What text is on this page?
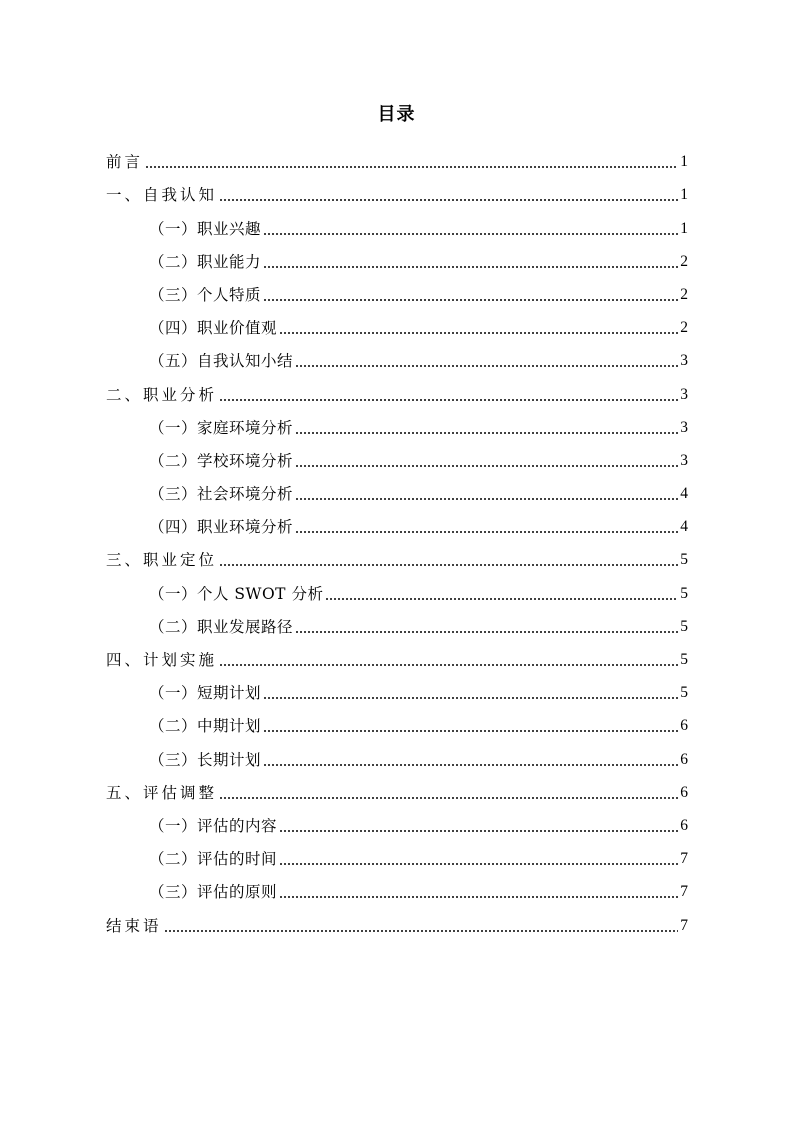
目录
前言	1
一、自我认知	1
（一）职业兴趣	1
（二）职业能力	2
（三）个人特质	2
（四）职业价值观	2
（五）自我认知小结	3
二、职业分析	3
（一）家庭环境分析	3
（二）学校环境分析	3
（三）社会环境分析	4
（四）职业环境分析	4
三、职业定位	5
（一）个人 SWOT 分析	5
（二）职业发展路径	5
四、计划实施	5
（一）短期计划	5
（二）中期计划	6
（三）长期计划	6
五、评估调整	6
（一）评估的内容	6
（二）评估的时间	7
（三）评估的原则	7
结束语	7
